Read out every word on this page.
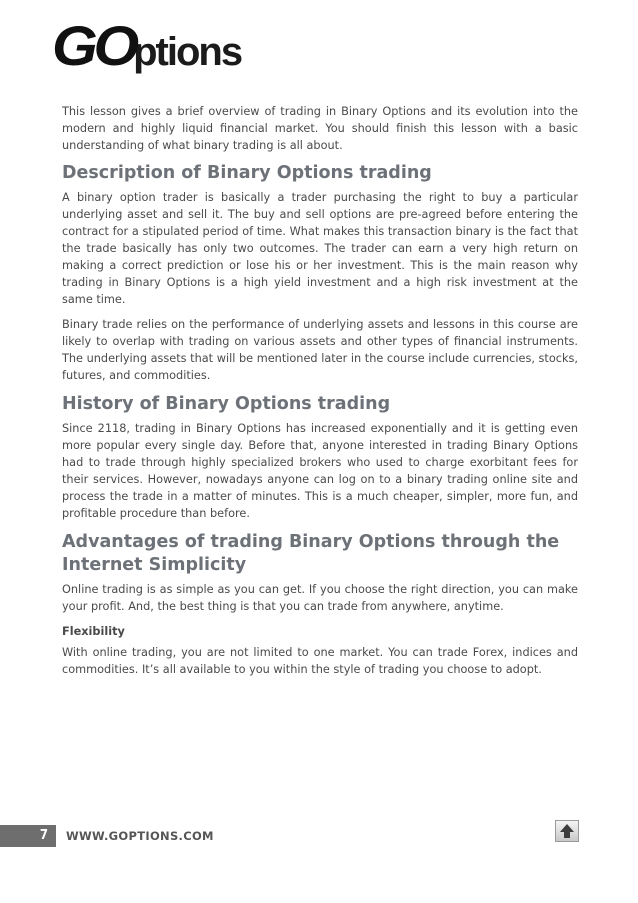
GOptions

This lesson gives a brief overview of trading in Binary Options and its evolution into the modern and highly liquid financial market. You should finish this lesson with a basic understanding of what binary trading is all about.

Description of Binary Options trading

A binary option trader is basically a trader purchasing the right to buy a particular underlying asset and sell it. The buy and sell options are pre-agreed before entering the contract for a stipulated period of time. What makes this transaction binary is the fact that the trade basically has only two outcomes. The trader can earn a very high return on making a correct prediction or lose his or her investment. This is the main reason why trading in Binary Options is a high yield investment and a high risk investment at the same time.

Binary trade relies on the performance of underlying assets and lessons in this course are likely to overlap with trading on various assets and other types of financial instruments. The underlying assets that will be mentioned later in the course include currencies, stocks, futures, and commodities.

History of Binary Options trading

Since 2118, trading in Binary Options has increased exponentially and it is getting even more popular every single day. Before that, anyone interested in trading Binary Options had to trade through highly specialized brokers who used to charge exorbitant fees for their services. However, nowadays anyone can log on to a binary trading online site and process the trade in a matter of minutes. This is a much cheaper, simpler, more fun, and profitable procedure than before.

Advantages of trading Binary Options through the Internet Simplicity

Online trading is as simple as you can get. If you choose the right direction, you can make your profit. And, the best thing is that you can trade from anywhere, anytime.

Flexibility

With online trading, you are not limited to one market. You can trade Forex, indices and commodities. It’s all available to you within the style of trading you choose to adopt.

7	WWW.GOPTIONS.COM
